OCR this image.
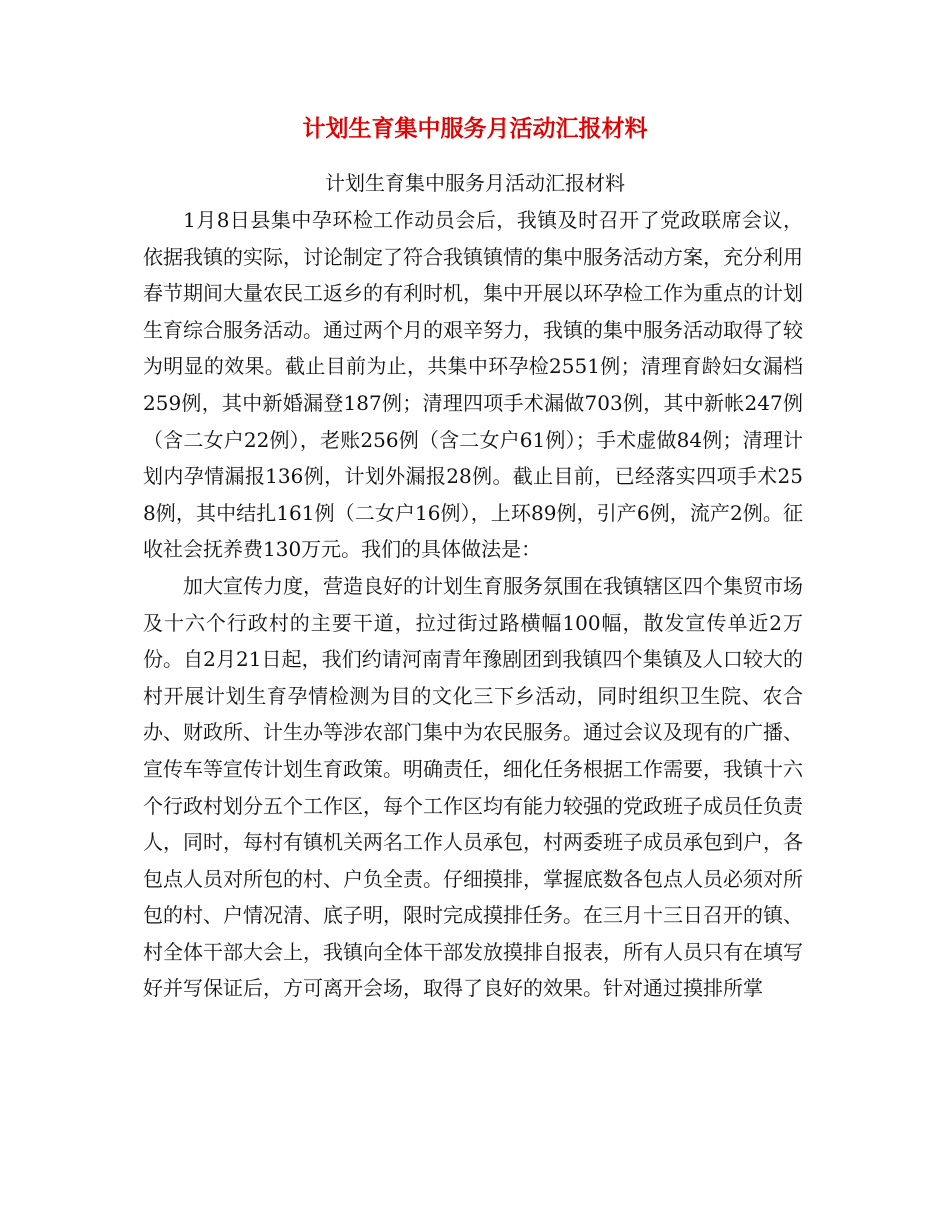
计划生育集中服务月活动汇报材料

计划生育集中服务月活动汇报材料

1月8日县集中孕环检工作动员会后，我镇及时召开了党政联席会议，依据我镇的实际，讨论制定了符合我镇镇情的集中服务活动方案，充分利用春节期间大量农民工返乡的有利时机，集中开展以环孕检工作为重点的计划生育综合服务活动。通过两个月的艰辛努力，我镇的集中服务活动取得了较为明显的效果。截止目前为止，共集中环孕检2551例；清理育龄妇女漏档259例，其中新婚漏登187例；清理四项手术漏做703例，其中新帐247例（含二女户22例），老账256例（含二女户61例）；手术虚做84例；清理计划内孕情漏报136例，计划外漏报28例。截止目前，已经落实四项手术258例，其中结扎161例（二女户16例），上环89例，引产6例，流产2例。征收社会抚养费130万元。我们的具体做法是：

加大宣传力度，营造良好的计划生育服务氛围在我镇辖区四个集贸市场及十六个行政村的主要干道，拉过街过路横幅100幅，散发宣传单近2万份。自2月21日起，我们约请河南青年豫剧团到我镇四个集镇及人口较大的村开展计划生育孕情检测为目的文化三下乡活动，同时组织卫生院、农合办、财政所、计生办等涉农部门集中为农民服务。通过会议及现有的广播、宣传车等宣传计划生育政策。明确责任，细化任务根据工作需要，我镇十六个行政村划分五个工作区，每个工作区均有能力较强的党政班子成员任负责人，同时，每村有镇机关两名工作人员承包，村两委班子成员承包到户，各包点人员对所包的村、户负全责。仔细摸排，掌握底数各包点人员必须对所包的村、户情况清、底子明，限时完成摸排任务。在三月十三日召开的镇、村全体干部大会上，我镇向全体干部发放摸排自报表，所有人员只有在填写好并写保证后，方可离开会场，取得了良好的效果。针对通过摸排所掌
